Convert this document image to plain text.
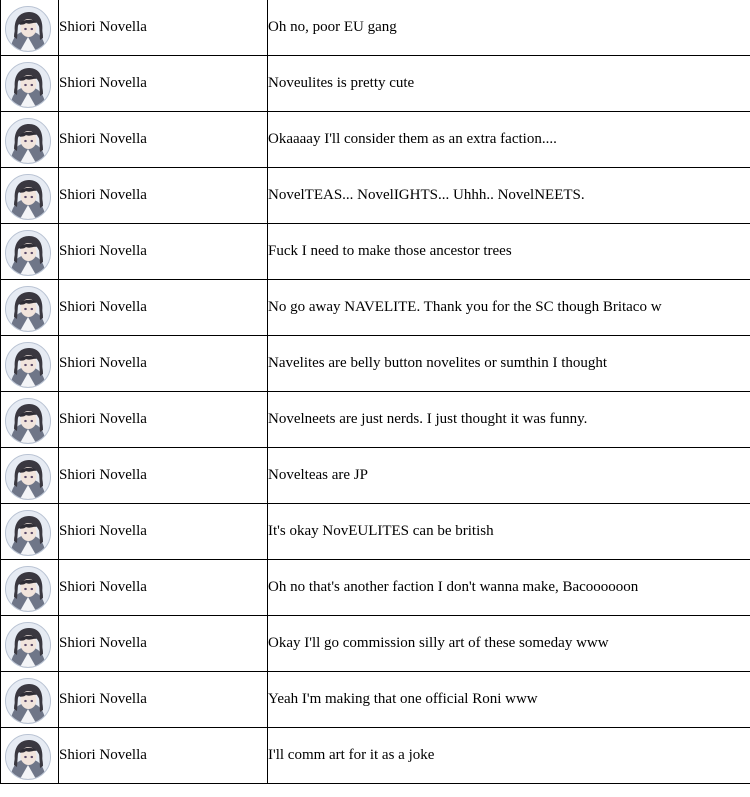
	Shiori Novella	Oh no, poor EU gang

	Shiori Novella	Noveulites is pretty cute

	Shiori Novella	Okaaaay I'll consider them as an extra faction....

	Shiori Novella	NovelTEAS... NovelIGHTS... Uhhh.. NovelNEETS.

	Shiori Novella	Fuck I need to make those ancestor trees

	Shiori Novella	No go away NAVELITE. Thank you for the SC though Britaco w

	Shiori Novella	Navelites are belly button novelites or sumthin I thought

	Shiori Novella	Novelneets are just nerds. I just thought it was funny.

	Shiori Novella	Novelteas are JP

	Shiori Novella	It's okay NovEULITES can be british

	Shiori Novella	Oh no that's another faction I don't wanna make, Bacoooooon

	Shiori Novella	Okay I'll go commission silly art of these someday www

	Shiori Novella	Yeah I'm making that one official Roni www

	Shiori Novella	I'll comm art for it as a joke
